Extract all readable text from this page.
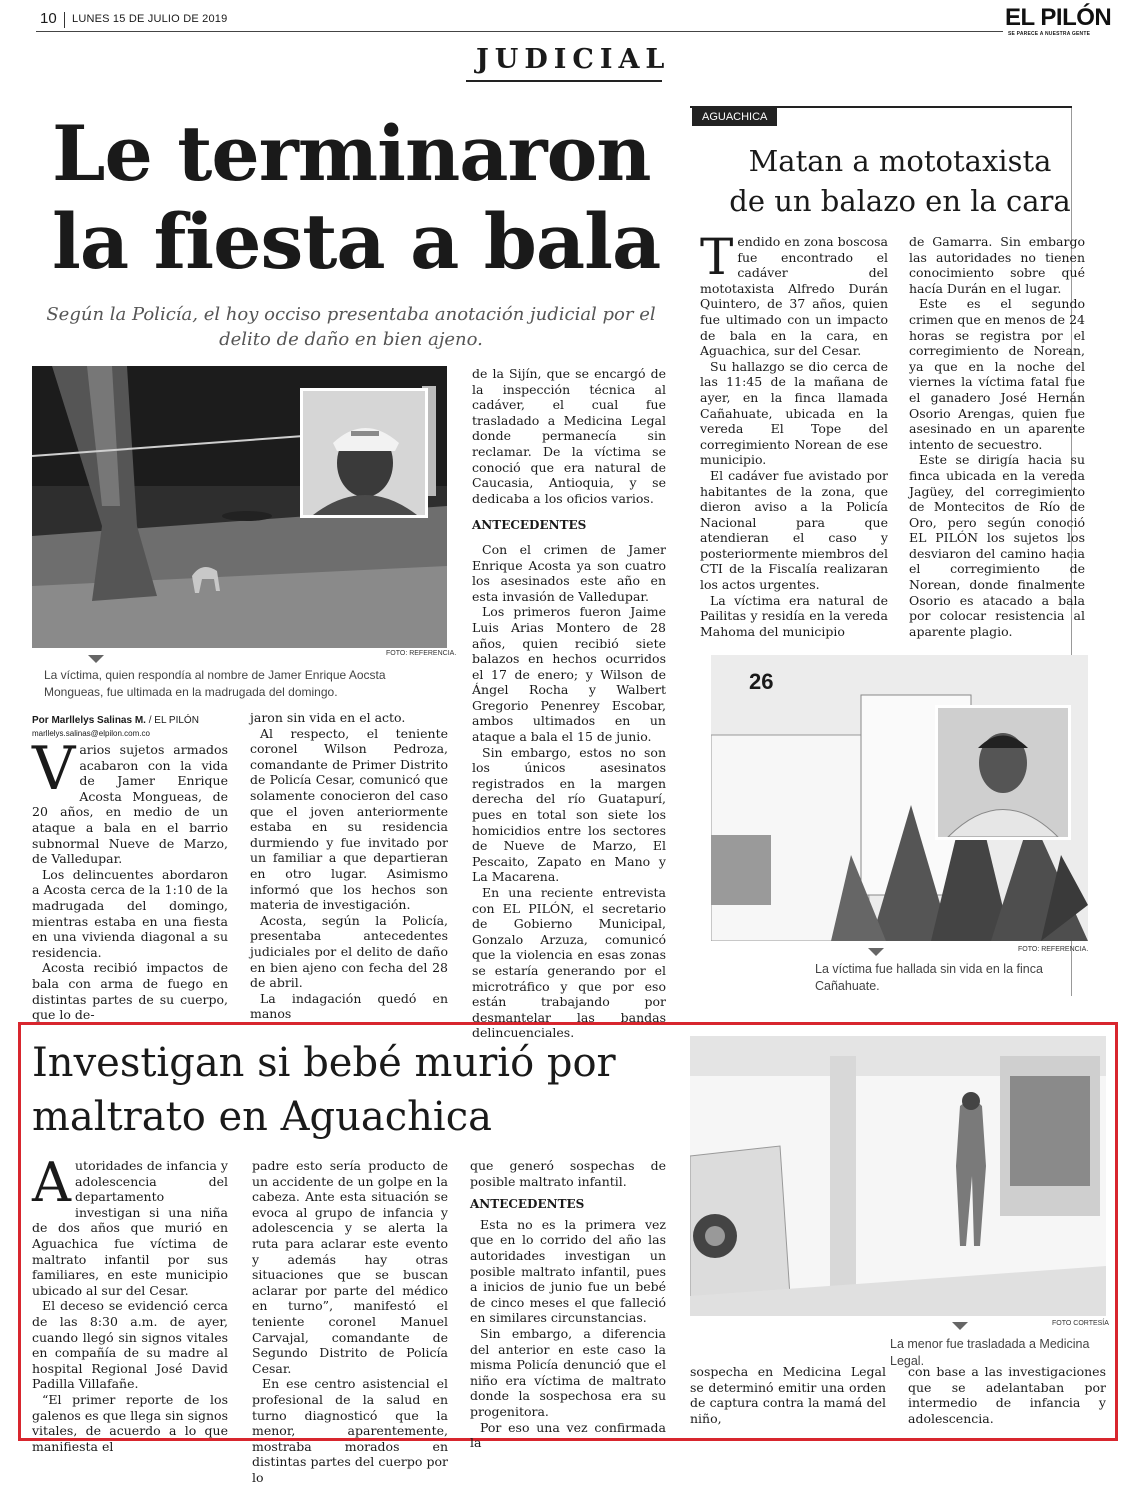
10 LUNES 15 DE JULIO DE 2019	EL PILÓN
SE PARECE A NUESTRA GENTE
JUDICIAL
Le terminaron
la fiesta a bala
Según la Policía, el hoy occiso presentaba anotación judicial por el delito de daño en bien ajeno.
FOTO: REFERENCIA.
La víctima, quien respondía al nombre de Jamer Enrique Aocsta Mongueas, fue ultimada en la madrugada del domingo.
Por Marllelys Salinas M. / EL PILÓN
marllelys.salinas@elpilon.com.co
V arios sujetos armados acabaron con la vida de Jamer Enrique Acosta Mongueas, de 20 años, en medio de un ataque a bala en el barrio subnormal Nueve de Marzo, de Valledupar.

Los delincuentes abordaron a Acosta cerca de la 1:10 de la madrugada del domingo, mientras estaba en una fiesta en una vivienda diagonal a su residencia.

Acosta recibió impactos de bala con arma de fuego en distintas partes de su cuerpo, que lo de-

jaron sin vida en el acto.

Al respecto, el teniente coronel Wilson Pedroza, comandante de Primer Distrito de Policía Cesar, comunicó que solamente conocieron del caso que el joven anteriormente estaba en su residencia durmiendo y fue invitado por un familiar a que departieran en otro lugar. Asimismo informó que los hechos son materia de investigación.

Acosta, según la Policía, presentaba antecedentes judiciales por el delito de daño en bien ajeno con fecha del 28 de abril.

La indagación quedó en manos

de la Sijín, que se encargó de la inspección técnica al cadáver, el cual fue trasladado a Medicina Legal donde permanecía sin reclamar. De la víctima se conoció que era natural de Caucasia, Antioquia, y se dedicaba a los oficios varios.

ANTECEDENTES

Con el crimen de Jamer Enrique Acosta ya son cuatro los asesinados este año en esta invasión de Valledupar.

Los primeros fueron Jaime Luis Arias Montero de 28 años, quien recibió siete balazos en hechos ocurridos el 17 de enero; y Wilson de Ángel Rocha y Walbert Gregorio Penenrey Escobar, ambos ultimados en un ataque a bala el 15 de junio.

Sin embargo, estos no son los únicos asesinatos registrados en la margen derecha del río Guatapurí, pues en total son siete los homicidios entre los sectores de Nueve de Marzo, El Pescaito, Zapato en Mano y La Macarena.

En una reciente entrevista con EL PILÓN, el secretario de Gobierno Municipal, Gonzalo Arzuza, comunicó que la violencia en esas zonas se estaría generando por el microtráfico y que por eso están trabajando por desmantelar las bandas delincuenciales.

AGUACHICA
Matan a mototaxista
de un balazo en la cara
T endido en zona boscosa fue encontrado el cadáver del mototaxista Alfredo Durán Quintero, de 37 años, quien fue ultimado con un impacto de bala en la cara, en Aguachica, sur del Cesar.

Su hallazgo se dio cerca de las 11:45 de la mañana de ayer, en la finca llamada Cañahuate, ubicada en la vereda El Tope del corregimiento Norean de ese municipio.

El cadáver fue avistado por habitantes de la zona, que dieron aviso a la Policía Nacional para que atendieran el caso y posteriormente miembros del CTI de la Fiscalía realizaran los actos urgentes.

La víctima era natural de Pailitas y residía en la vereda Mahoma del municipio

de Gamarra. Sin embargo las autoridades no tienen conocimiento sobre qué hacía Durán en el lugar.

Este es el segundo crimen que en menos de 24 horas se registra por el corregimiento de Norean, ya que en la noche del viernes la víctima fatal fue el ganadero José Hernán Osorio Arengas, quien fue asesinado en un aparente intento de secuestro.

Este se dirigía hacia su finca ubicada en la vereda Jagüey, del corregimiento de Montecitos de Río de Oro, pero según conoció EL PILÓN los sujetos los desviaron del camino hacia el corregimiento de Norean, donde finalmente Osorio es atacado a bala por colocar resistencia al aparente plagio.

26
FOTO: REFERENCIA.
La víctima fue hallada sin vida en la finca Cañahuate.
Investigan si bebé murió por
maltrato en Aguachica
A utoridades de infancia y adolescencia del departamento investigan si una niña de dos años que murió en Aguachica fue víctima de maltrato infantil por sus familiares, en este municipio ubicado al sur del Cesar.

El deceso se evidenció cerca de las 8:30 a.m. de ayer, cuando llegó sin signos vitales en compañía de su madre al hospital Regional José David Padilla Villafañe.

“El primer reporte de los galenos es que llega sin signos vitales, de acuerdo a lo que manifiesta el

padre esto sería producto de un accidente de un golpe en la cabeza. Ante esta situación se evoca al grupo de infancia y adolescencia y se alerta la ruta para aclarar este evento y además hay otras situaciones que se buscan aclarar por parte del médico en turno”, manifestó el teniente coronel Manuel Carvajal, comandante de Segundo Distrito de Policía Cesar.

En ese centro asistencial el profesional de la salud en turno diagnosticó que la menor, aparentemente, mostraba morados en distintas partes del cuerpo por lo

que generó sospechas de posible maltrato infantil.

ANTECEDENTES

Esta no es la primera vez que en lo corrido del año las autoridades investigan un posible maltrato infantil, pues a inicios de junio fue un bebé de cinco meses el que falleció en similares circunstancias.

Sin embargo, a diferencia del anterior en este caso la misma Policía denunció que el niño era víctima de maltrato donde la sospechosa era su progenitora.

Por eso una vez confirmada la

FOTO CORTESÍA
La menor fue trasladada a Medicina Legal.

sospecha en Medicina Legal se determinó emitir una orden de captura contra la mamá del niño,

con base a las investigaciones que se adelantaban por intermedio de infancia y adolescencia.
